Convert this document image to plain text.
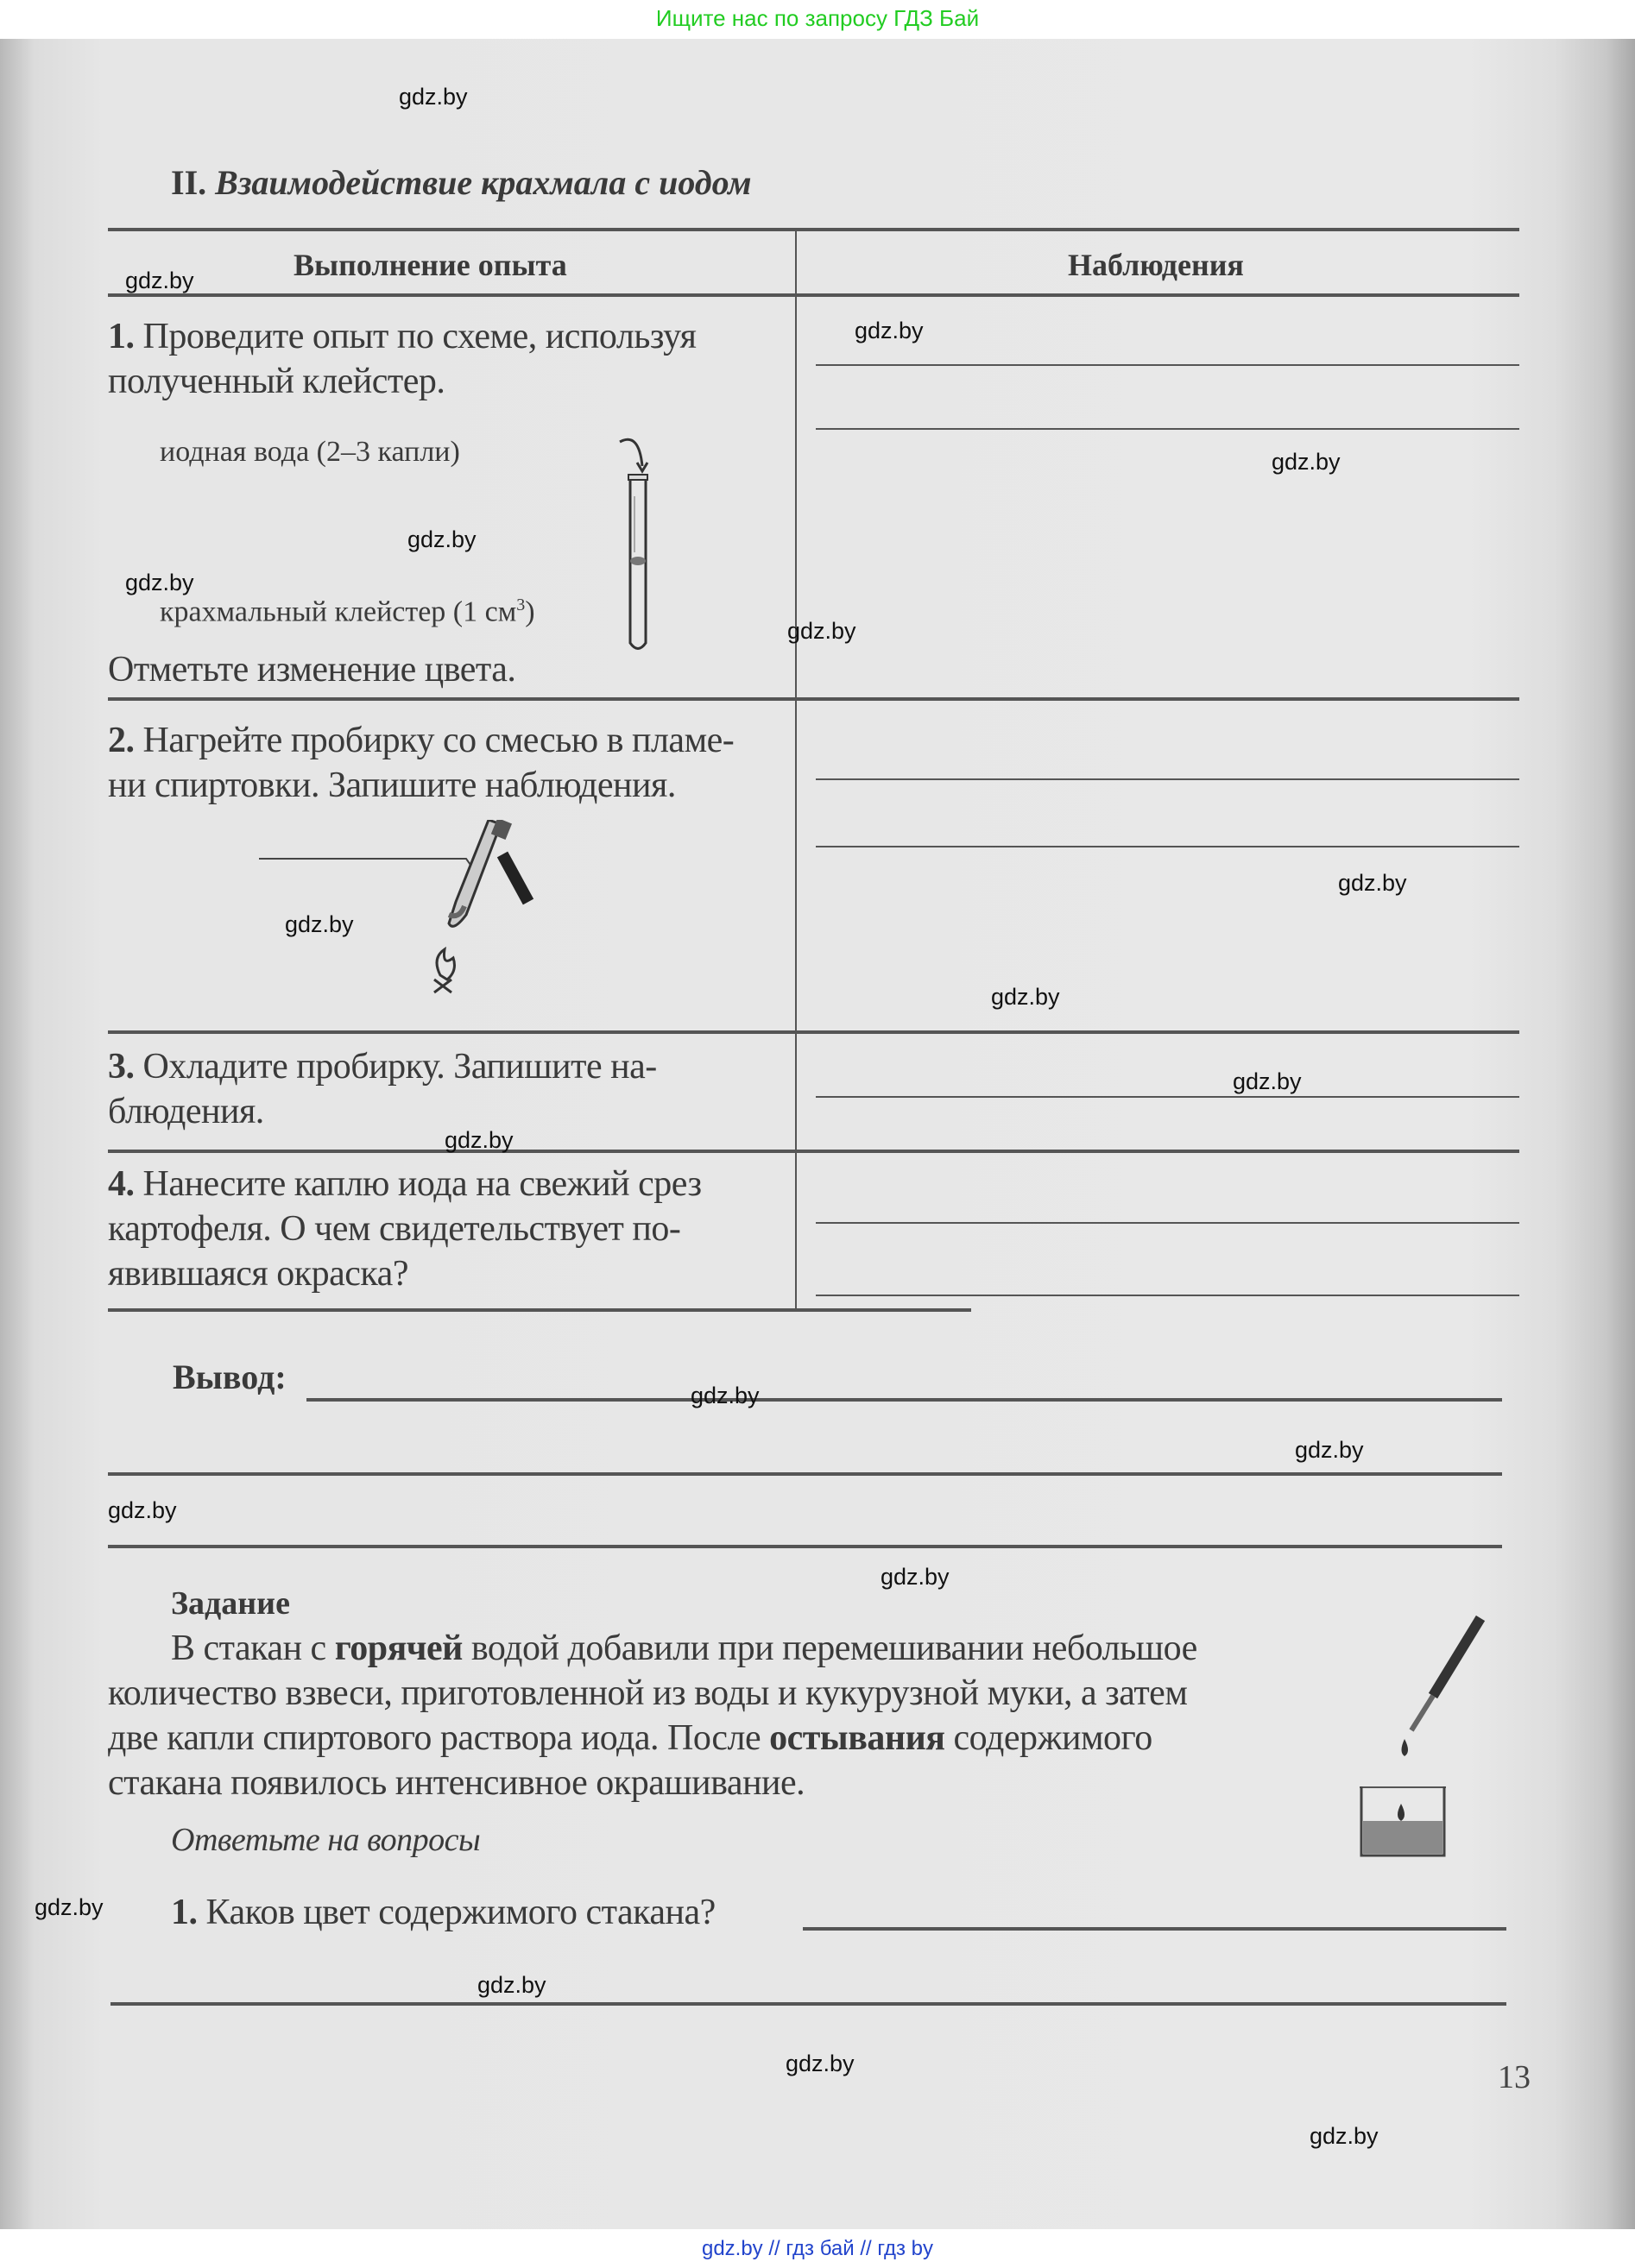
Ищите нас по запросу ГДЗ Бай
II. Взаимодействие крахмала с иодом
Выполнение опыта	Наблюдения
1. Проведите опыт по схеме, используя
полученный клейстер.
иодная вода (2–3 капли)
крахмальный клейстер (1 $см^3$)
Отметьте изменение цвета.
2. Нагрейте пробирку со смесью в пламе-
ни спиртовки. Запишите наблюдения.
3. Охладите пробирку. Запишите на-
блюдения.
4. Нанесите каплю иода на свежий срез
картофеля. О чем свидетельствует по-
явившаяся окраска?
Вывод:
Задание
В стакан с горячей водой добавили при перемешивании небольшое
количество взвеси, приготовленной из воды и кукурузной муки, а затем
две капли спиртового раствора иода. После остывания содержимого
стакана появилось интенсивное окрашивание.
Ответьте на вопросы
1. Каков цвет содержимого стакана?
13
gdz.by
gdz.by
gdz.by
gdz.by
gdz.by
gdz.by
gdz.by
gdz.by
gdz.by
gdz.by
gdz.by
gdz.by
gdz.by
gdz.by
gdz.by
gdz.by
gdz.by
gdz.by
gdz.by
gdz.by
gdz.by // гдз бай // гдз by
